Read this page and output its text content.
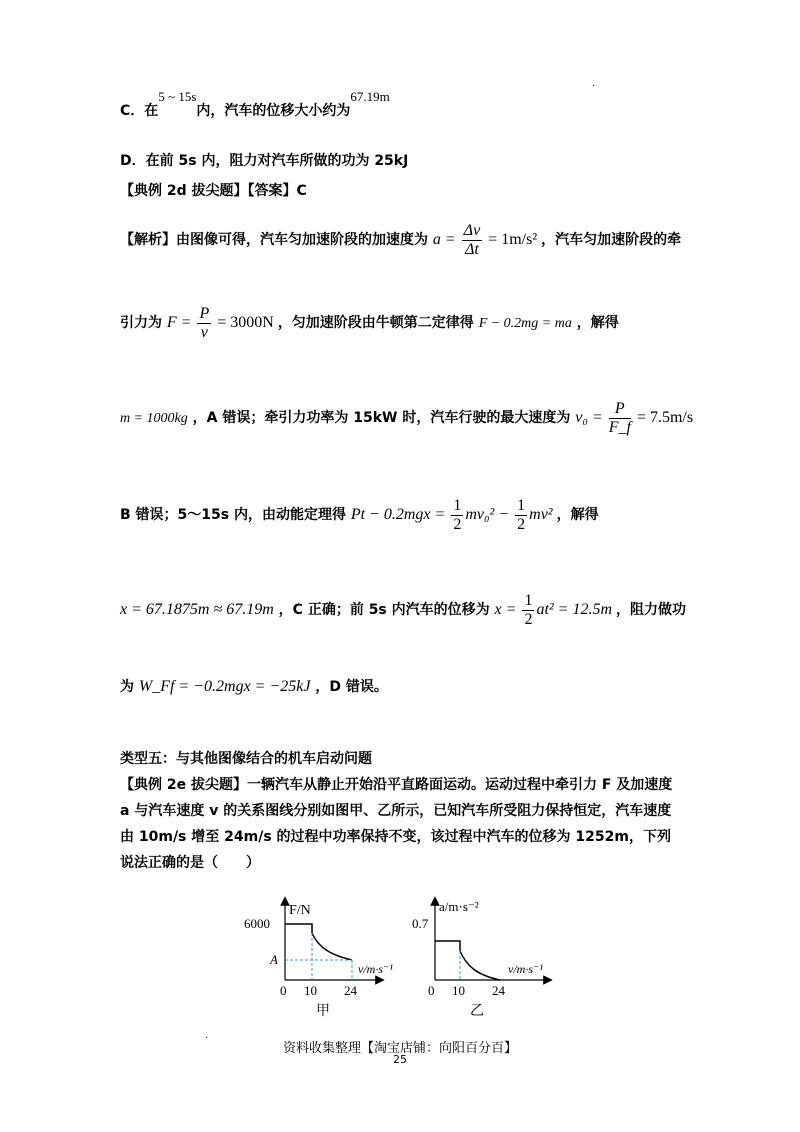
.
C．在5 ~ 15s内，汽车的位移大小约为67.19m
D．在前 5s 内，阻力对汽车所做的功为 25kJ
【典例 2d 拔尖题】【答案】C
【解析】由图像可得，汽车匀加速阶段的加速度为 $a = \frac{\Delta v}{\Delta t} = 1m/s^2$ ，汽车匀加速阶段的牵
引力为 $F = \frac{P}{v} = 3000N$ ，匀加速阶段由牛顿第二定律得 F − 0.2mg = ma ，解得
m = 1000kg ，A 错误；牵引力功率为 15kW 时，汽车行驶的最大速度为 $v_0 = \frac{P}{F\_f} = 7.5m/s$
B 错误；5～15s 内，由动能定理得 $Pt - 0.2mgx = \frac{1}{2} mv_0^2 - \frac{1}{2} mv^2$ ，解得
x = 67.1875m ≈ 67.19m ，C 正确；前 5s 内汽车的位移为 $x = \frac{1}{2} at^2 = 12.5m$ ，阻力做功
为 W_Ff = −0.2mgx = −25kJ ，D 错误。
类型五：与其他图像结合的机车启动问题
【典例 2e 拔尖题】一辆汽车从静止开始沿平直路面运动。运动过程中牵引力 F 及加速度 a 与汽车速度 v 的关系图线分别如图甲、乙所示，已知汽车所受阻力保持恒定，汽车速度由 10m/s 增至 24m/s 的过程中功率保持不变，该过程中汽车的位移为 1252m，下列说法正确的是（　　）
F/N
6000
A
v/m·s⁻¹
0 10 24
甲
a/m·s⁻²
0.7
v/m·s⁻¹
0 10 24
乙
.
资料收集整理【淘宝店铺：向阳百分百】
25
